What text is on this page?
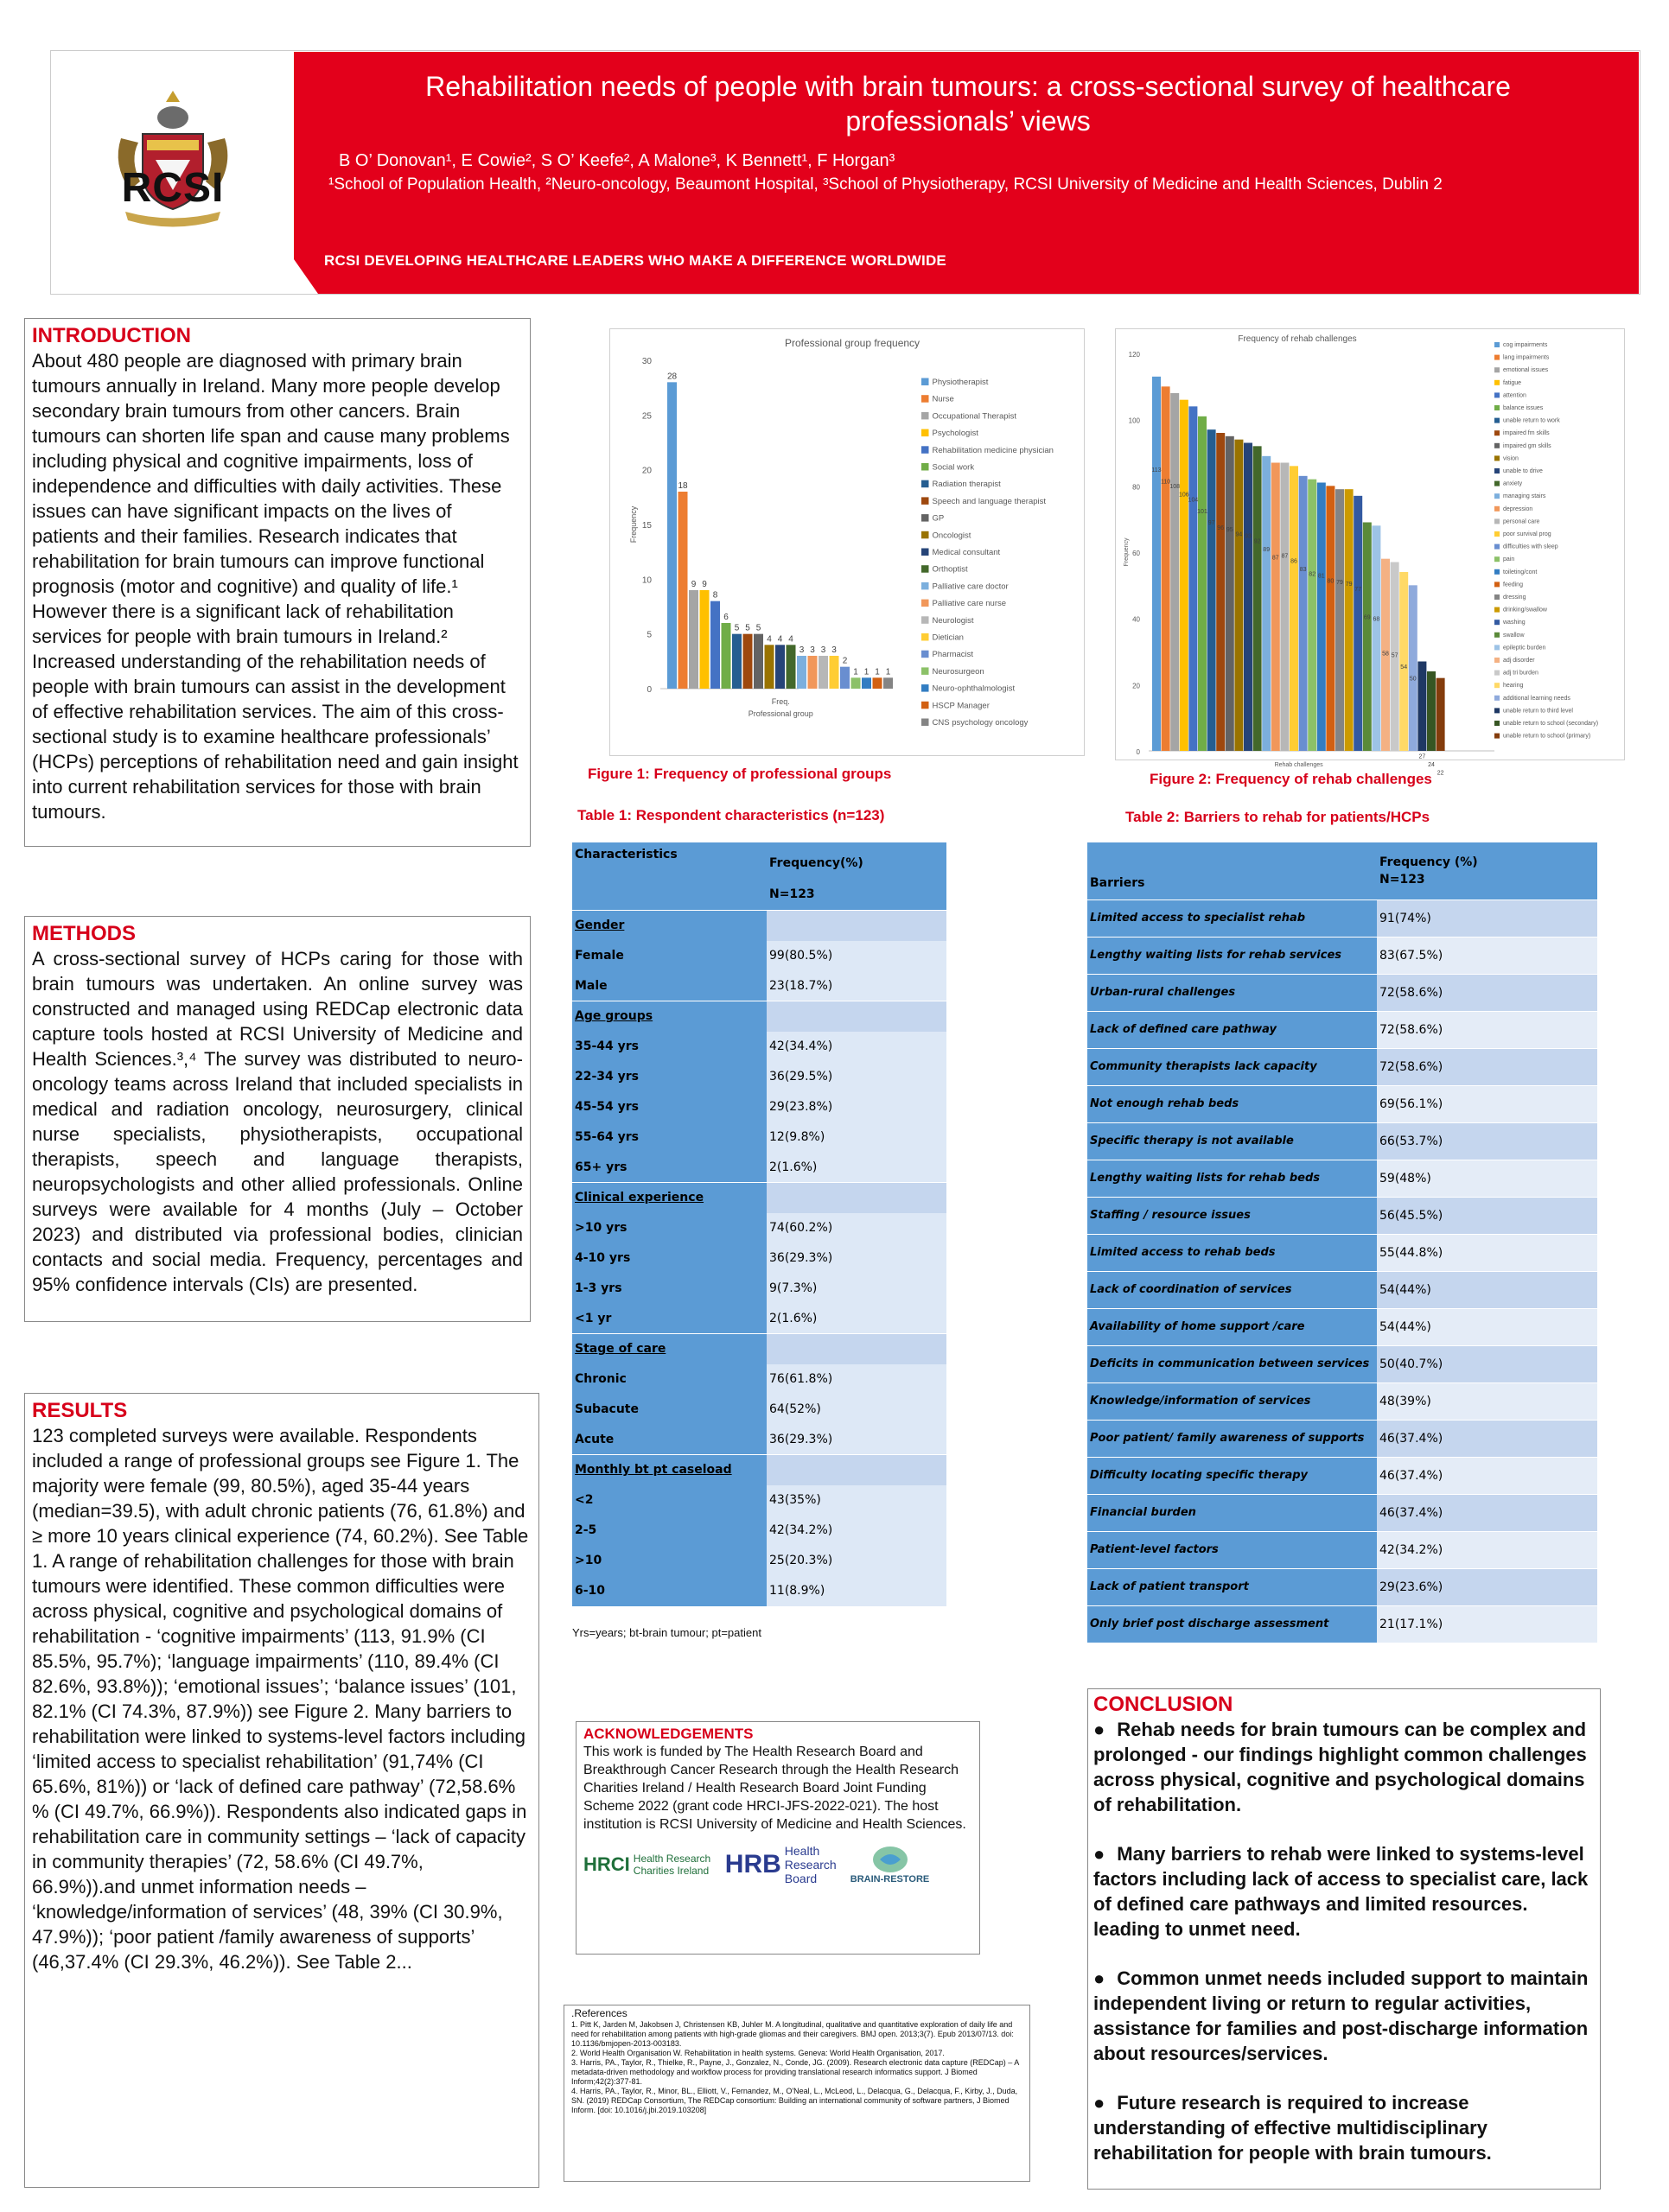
RCSI
Rehabilitation needs of people with brain tumours: a cross-sectional survey of healthcare professionals’ views
B O’ Donovan¹, E Cowie², S O’ Keefe², A Malone³, K Bennett¹, F Horgan³
¹School of Population Health, ²Neuro-oncology, Beaumont Hospital, ³School of Physiotherapy, RCSI University of Medicine and Health Sciences, Dublin 2
RCSI DEVELOPING HEALTHCARE LEADERS WHO MAKE A DIFFERENCE WORLDWIDE
INTRODUCTION
About 480 people are diagnosed with primary brain tumours annually in Ireland. Many more people develop secondary brain tumours from other cancers. Brain tumours can shorten life span and cause many problems including physical and cognitive impairments, loss of independence and difficulties with daily activities. These issues can have significant impacts on the lives of patients and their families. Research indicates that rehabilitation for brain tumours can improve functional prognosis (motor and cognitive) and quality of life.¹ However there is a significant lack of rehabilitation services for people with brain tumours in Ireland.² Increased understanding of the rehabilitation needs of people with brain tumours can assist in the development of effective rehabilitation services. The aim of this cross-sectional study is to examine healthcare professionals’ (HCPs) perceptions of rehabilitation need and gain insight into current rehabilitation services for those with brain tumours.
METHODS
A cross-sectional survey of HCPs caring for those with brain tumours was undertaken. An online survey was constructed and managed using REDCap electronic data capture tools hosted at RCSI University of Medicine and Health Sciences.³,⁴ The survey was distributed to neuro-oncology teams across Ireland that included specialists in medical and radiation oncology, neurosurgery, clinical nurse specialists, physiotherapists, occupational therapists, speech and language therapists, neuropsychologists and other allied professionals. Online surveys were available for 4 months (July – October 2023) and distributed via professional bodies, clinician contacts and social media. Frequency, percentages and 95% confidence intervals (CIs) are presented.
RESULTS
123 completed surveys were available. Respondents included a range of professional groups see Figure 1. The majority were female (99, 80.5%), aged 35-44 years (median=39.5), with adult chronic patients (76, 61.8%) and ≥ more 10 years clinical experience (74, 60.2%). See Table 1. A range of rehabilitation challenges for those with brain tumours were identified. These common difficulties were across physical, cognitive and psychological domains of rehabilitation - ‘cognitive impairments’ (113, 91.9% (CI 85.5%, 95.7%); ‘language impairments’ (110, 89.4% (CI 82.6%, 93.8%)); ‘emotional issues’; ‘balance issues’ (101, 82.1% (CI 74.3%, 87.9%)) see Figure 2. Many barriers to rehabilitation were linked to systems-level factors including ‘limited access to specialist rehabilitation’ (91,74% (CI 65.6%, 81%)) or ‘lack of defined care pathway’ (72,58.6% % (CI 49.7%, 66.9%)). Respondents also indicated gaps in rehabilitation care in community settings – ‘lack of capacity in community therapies’ (72, 58.6% (CI 49.7%, 66.9%)).and unmet information needs – ‘knowledge/information of services’ (48, 39% (CI 30.9%, 47.9%)); ‘poor patient /family awareness of supports’ (46,37.4% (CI 29.3%, 46.2%)). See Table 2...
Professional group frequency
0
5
10
15
20
25
30
Frequency
28
Physiotherapist
18
Nurse
9
Occupational Therapist
9
Psychologist
8
Rehabilitation medicine physician
6
Social work
5
Radiation therapist
5
Speech and language therapist
5
GP
4
Oncologist
4
Medical consultant
4
Orthoptist
3
Palliative care doctor
3
Palliative care nurse
3
Neurologist
3
Dietician
2
Pharmacist
1	Neurosurgeon
1
Neuro-ophthalmologist
1
HSCP Manager
1
CNS psychology oncology
Freq.
Professional group
Figure 1: Frequency of professional groups
Table 1: Respondent characteristics (n=123)
Frequency of rehab challenges
0
20
40
60
80
100
120
Frequency
113
cog impairments
110
lang impairments
108
emotional issues
106
fatigue
104
attention
101
balance issues
97
unable return to work
96
impaired fm skills
95
impaired gm skills
94
vision
93
unable to drive
92
anxiety
89
managing stairs
87
depression
87
personal care
86
poor survival prog
83
difficulties with sleep
82
pain
81
toileting/cont
80
feeding
79
dressing
79
drinking/swallow
77
washing
69
swallow
68
epileptic burden
58
adj disorder
57
adj tri burden
54
hearing
50
additional learning needs
27
unable return to third level
24
unable return to school (secondary)
22
unable return to school (primary)
Rehab challenges
Figure 2: Frequency of rehab challenges
Table 2: Barriers to rehab for patients/HCPs
Characteristics	Frequency(%)
N=123

Gender	
Female	99(80.5%)
Male	23(18.7%)
Age groups	
35-44 yrs	42(34.4%)
22-34 yrs	36(29.5%)
45-54 yrs	29(23.8%)
55-64 yrs	12(9.8%)
65+ yrs	2(1.6%)
Clinical experience	
>10 yrs	74(60.2%)
4-10 yrs	36(29.3%)
1-3 yrs	9(7.3%)
<1 yr	2(1.6%)
Stage of care	
Chronic	76(61.8%)
Subacute	64(52%)
Acute	36(29.3%)
Monthly bt pt caseload	
<2	43(35%)
2-5	42(34.2%)
>10	25(20.3%)
6-10	11(8.9%)
Yrs=years; bt-brain tumour; pt=patient
Barriers	Frequency (%)
N=123

Limited access to specialist rehab	91(74%)
Lengthy waiting lists for rehab services	83(67.5%)
Urban-rural challenges	72(58.6%)
Lack of defined care pathway	72(58.6%)
Community therapists lack capacity	72(58.6%)
Not enough rehab beds	69(56.1%)
Specific therapy is not available	66(53.7%)
Lengthy waiting lists for rehab beds	59(48%)
Staffing / resource issues	56(45.5%)
Limited access to rehab beds	55(44.8%)
Lack of coordination of services	54(44%)
Availability of home support /care	54(44%)
Deficits in communication between services	50(40.7%)
Knowledge/information of services	48(39%)
Poor patient/ family awareness of supports	46(37.4%)
Difficulty locating specific therapy	46(37.4%)
Financial burden	46(37.4%)
Patient-level factors	42(34.2%)
Lack of patient transport	29(23.6%)
Only brief post discharge assessment	21(17.1%)
ACKNOWLEDGEMENTS
This work is funded by The Health Research Board and Breakthrough Cancer Research through the Health Research Charities Ireland / Health Research Board Joint Funding Scheme 2022 (grant code HRCI-JFS-2022-021). The host institution is RCSI University of Medicine and Health Sciences.
HRCI Health Research Charities Ireland HRB Health Research Board	BRAIN-RESTORE
.References
1. Pitt K, Jarden M, Jakobsen J, Christensen KB, Juhler M. A longitudinal, qualitative and quantitative exploration of daily life and need for rehabilitation among patients with high-grade gliomas and their caregivers. BMJ open. 2013;3(7). Epub 2013/07/13. doi: 10.1136/bmjopen-2013-003183.
2. World Health Organisation W. Rehabilitation in health systems. Geneva: World Health Organisation, 2017.
3. Harris, PA., Taylor, R., Thielke, R., Payne, J., Gonzalez, N., Conde, JG. (2009). Research electronic data capture (REDCap) – A metadata-driven methodology and workflow process for providing translational research informatics support. J Biomed Inform;42(2):377-81.
4. Harris, PA., Taylor, R., Minor, BL., Elliott, V., Fernandez, M., O'Neal, L., McLeod, L., Delacqua, G., Delacqua, F., Kirby, J., Duda, SN. (2019) REDCap Consortium, The REDCap consortium: Building an international community of software partners, J Biomed Inform. [doi: 10.1016/j.jbi.2019.103208]
CONCLUSION
● Rehab needs for brain tumours can be complex and prolonged - our findings highlight common challenges across physical, cognitive and psychological domains of rehabilitation.
● Many barriers to rehab were linked to systems-level factors including lack of access to specialist care, lack of defined care pathways and limited resources. leading to unmet need.
● Common unmet needs included support to maintain independent living or return to regular activities, assistance for families and post-discharge information about resources/services.
● Future research is required to increase understanding of effective multidisciplinary rehabilitation for people with brain tumours.
